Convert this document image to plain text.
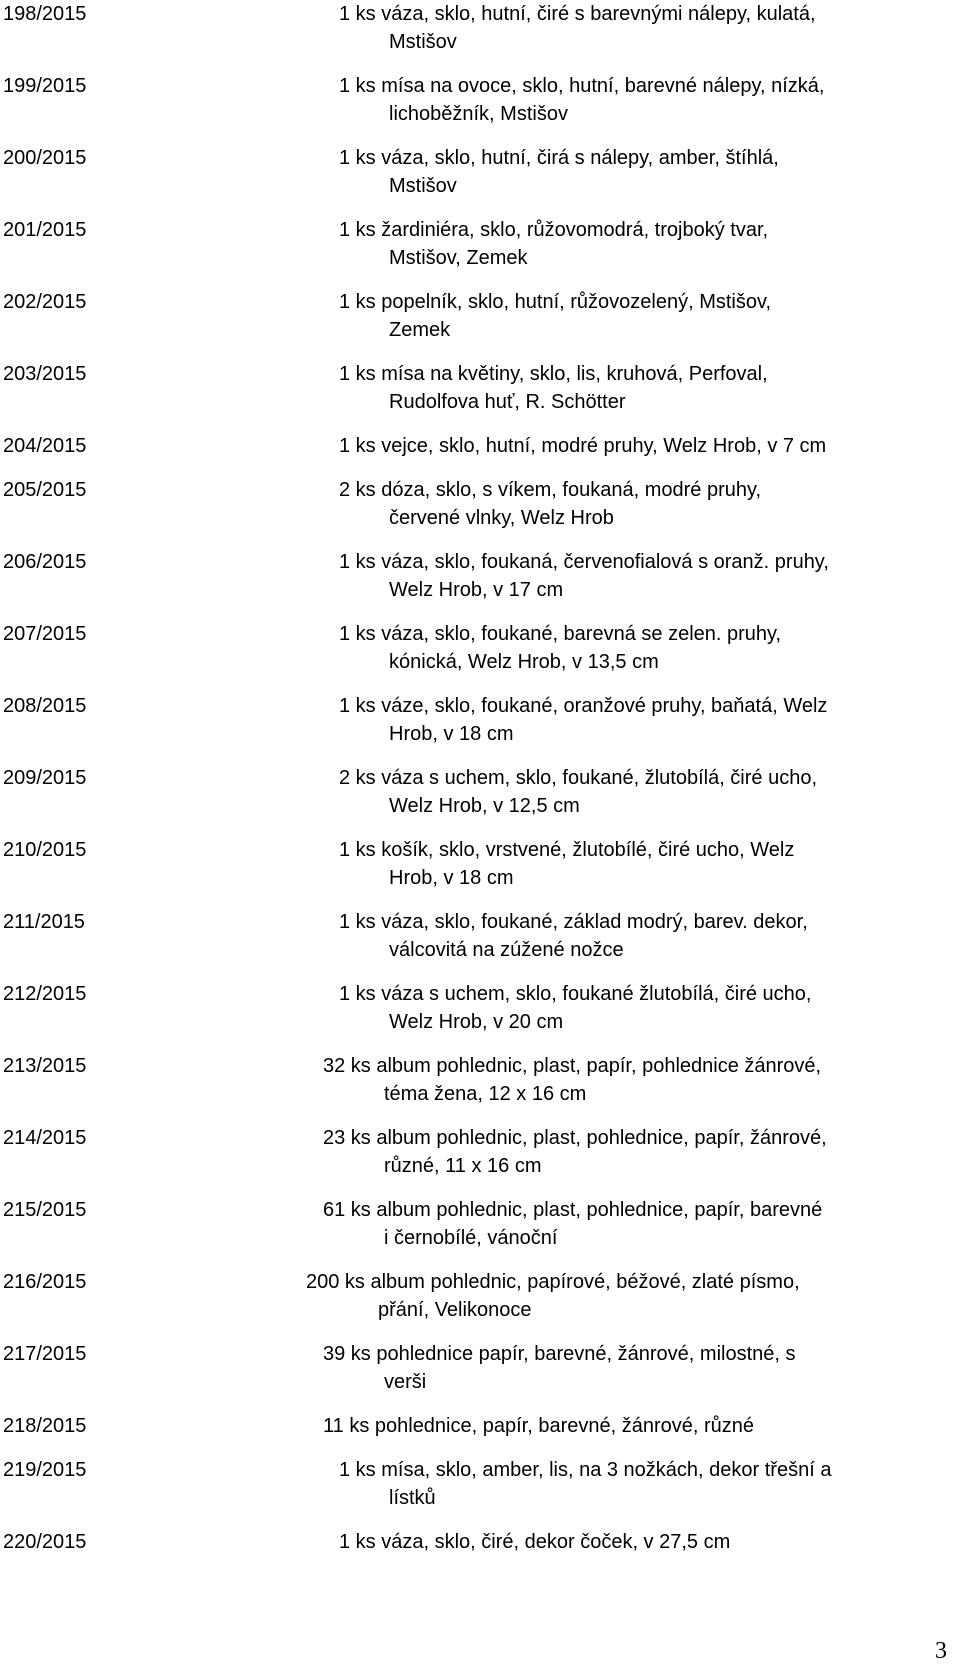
198/2015	1 ks váza, sklo, hutní, čiré s barevnými nálepy, kulatá,
Mstišov
199/2015	1 ks mísa na ovoce, sklo, hutní, barevné nálepy, nízká,
lichoběžník, Mstišov
200/2015	1 ks váza, sklo, hutní, čirá s nálepy, amber, štíhlá,
Mstišov
201/2015	1 ks žardiniéra, sklo, růžovomodrá, trojboký tvar,
Mstišov, Zemek
202/2015	1 ks popelník, sklo, hutní, růžovozelený, Mstišov,
Zemek
203/2015	1 ks mísa na květiny, sklo, lis, kruhová, Perfoval,
Rudolfova huť, R. Schötter
204/2015	1 ks vejce, sklo, hutní, modré pruhy, Welz Hrob, v 7 cm
205/2015	2 ks dóza, sklo, s víkem, foukaná, modré pruhy,
červené vlnky, Welz Hrob
206/2015	1 ks váza, sklo, foukaná, červenofialová s oranž. pruhy,
Welz Hrob, v 17 cm
207/2015	1 ks váza, sklo, foukané, barevná se zelen. pruhy,
kónická, Welz Hrob, v 13,5 cm
208/2015	1 ks váze, sklo, foukané, oranžové pruhy, baňatá, Welz
Hrob, v 18 cm
209/2015	2 ks váza s uchem, sklo, foukané, žlutobílá, čiré ucho,
Welz Hrob, v 12,5 cm
210/2015	1 ks košík, sklo, vrstvené, žlutobílé, čiré ucho, Welz
Hrob, v 18 cm
211/2015	1 ks váza, sklo, foukané, základ modrý, barev. dekor,
válcovitá na zúžené nožce
212/2015	1 ks váza s uchem, sklo, foukané žlutobílá, čiré ucho,
Welz Hrob, v 20 cm
213/2015	32 ks album pohlednic, plast, papír, pohlednice žánrové,
téma žena, 12 x 16 cm
214/2015	23 ks album pohlednic, plast, pohlednice, papír, žánrové,
různé, 11 x 16 cm
215/2015	61 ks album pohlednic, plast, pohlednice, papír, barevné
i černobílé, vánoční
216/2015	200 ks album pohlednic, papírové, béžové, zlaté písmo,
přání, Velikonoce
217/2015	39 ks pohlednice papír, barevné, žánrové, milostné, s
verši
218/2015	11 ks pohlednice, papír, barevné, žánrové, různé
219/2015	1 ks mísa, sklo, amber, lis, na 3 nožkách, dekor třešní a
lístků
220/2015	1 ks váza, sklo, čiré, dekor čoček, v 27,5 cm
3
